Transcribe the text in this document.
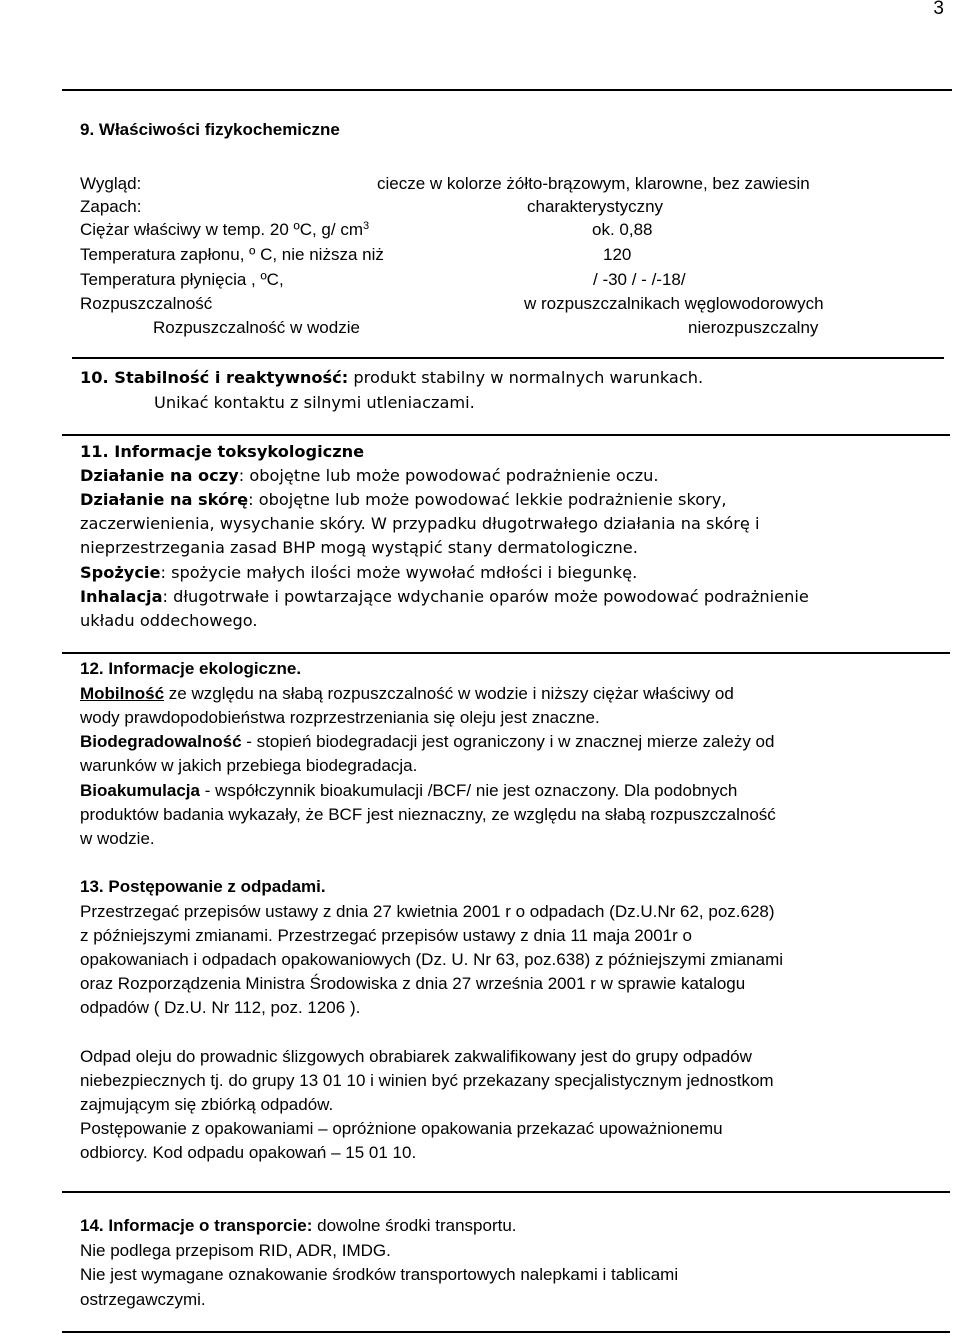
3
9. Właściwości fizykochemiczne
Wygląd:	ciecze w kolorze żółto-brązowym, klarowne, bez zawiesin
Zapach:	charakterystyczny
Ciężar właściwy w temp. 20 ºC, g/ $cm^3$	ok. 0,88
Temperatura zapłonu, º C, nie niższa niż	120
Temperatura płynięcia , ºC,	/ -30 / - /-18/
Rozpuszczalność	w rozpuszczalnikach węglowodorowych
Rozpuszczalność w wodzie	nierozpuszczalny
10. Stabilność i reaktywność: produkt stabilny w normalnych warunkach.
Unikać kontaktu z silnymi utleniaczami.
11. Informacje toksykologiczne
Działanie na oczy: obojętne lub może powodować podrażnienie oczu.
Działanie na skórę: obojętne lub może powodować lekkie podrażnienie skory,
zaczerwienienia, wysychanie skóry. W przypadku długotrwałego działania na skórę i
nieprzestrzegania zasad BHP mogą wystąpić stany dermatologiczne.
Spożycie: spożycie małych ilości może wywołać mdłości i biegunkę.
Inhalacja: długotrwałe i powtarzające wdychanie oparów może powodować podrażnienie
układu oddechowego.
12. Informacje ekologiczne.
Mobilność ze względu na słabą rozpuszczalność w wodzie i niższy ciężar właściwy od
wody prawdopodobieństwa rozprzestrzeniania się oleju jest znaczne.
Biodegradowalność - stopień biodegradacji jest ograniczony i w znacznej mierze zależy od
warunków w jakich przebiega biodegradacja.
Bioakumulacja - współczynnik bioakumulacji /BCF/ nie jest oznaczony. Dla podobnych
produktów badania wykazały, że BCF jest nieznaczny, ze względu na słabą rozpuszczalność
w wodzie.
13. Postępowanie z odpadami.
Przestrzegać przepisów ustawy z dnia 27 kwietnia 2001 r o odpadach (Dz.U.Nr 62, poz.628)
z późniejszymi zmianami. Przestrzegać przepisów ustawy z dnia 11 maja 2001r o
opakowaniach i odpadach opakowaniowych (Dz. U. Nr 63, poz.638) z późniejszymi zmianami
oraz Rozporządzenia Ministra Środowiska z dnia 27 września 2001 r w sprawie katalogu
odpadów ( Dz.U. Nr 112, poz. 1206 ).
Odpad oleju do prowadnic ślizgowych obrabiarek zakwalifikowany jest do grupy odpadów
niebezpiecznych tj. do grupy 13 01 10 i winien być przekazany specjalistycznym jednostkom
zajmującym się zbiórką odpadów.
Postępowanie z opakowaniami – opróżnione opakowania przekazać upoważnionemu
odbiorcy. Kod odpadu opakowań – 15 01 10.
14. Informacje o transporcie: dowolne środki transportu.
Nie podlega przepisom RID, ADR, IMDG.
Nie jest wymagane oznakowanie środków transportowych nalepkami i tablicami
ostrzegawczymi.
